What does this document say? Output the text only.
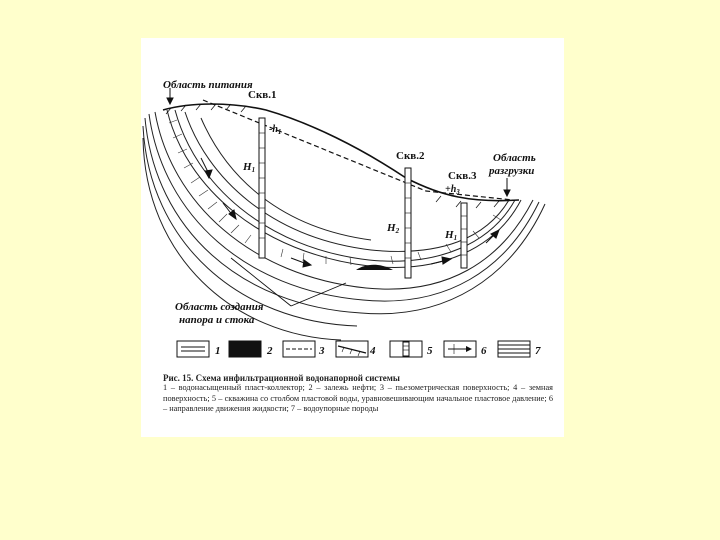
Область питания
Скв.1
Скв.2
Скв.3
Область
разгрузки
$-h_1$
$+h_3$
H1
H2	H1
Область создания
напора и стока
1	2	3	4	5	6	7
Рис. 15. Схема инфильтрационной водонапорной системы
1 – водонасыщенный пласт-коллектор; 2 – залежь нефти; 3 – пьезометрическая поверхность; 4 – земная поверхность; 5 – скважина со столбом пластовой воды, уравновешивающим начальное пластовое давление; 6 – направление движения жидкости; 7 – водоупорные породы
